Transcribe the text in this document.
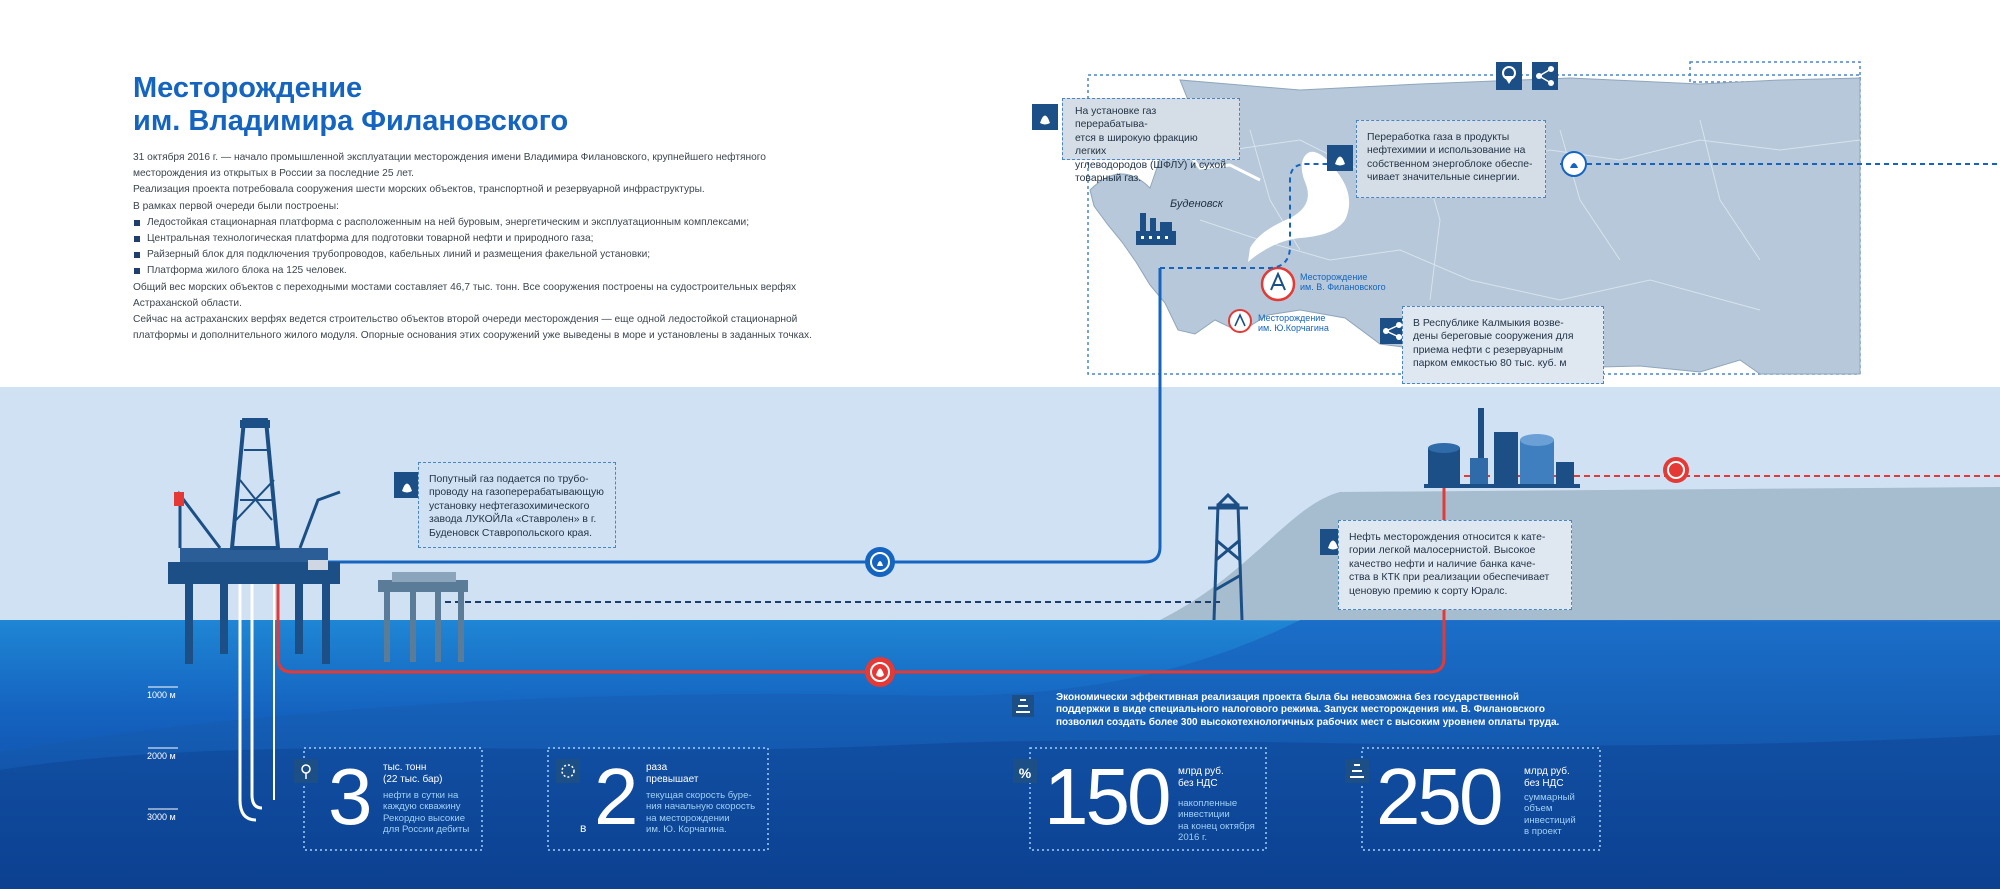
%
Месторождение
им. Владимира Филановского

31 октября 2016 г. — начало промышленной эксплуатации месторождения имени Владимира Филановского, крупнейшего нефтяного месторождения из открытых в России за последние 25 лет.

Реализация проекта потребовала сооружения шести морских объектов, транспортной и резервуарной инфраструктуры.

В рамках первой очереди были построены:

Ледостойкая стационарная платформа с расположенным на ней буровым, энергетическим и эксплуатационным комплексами;
Центральная технологическая платформа для подготовки товарной нефти и природного газа;
Райзерный блок для подключения трубопроводов, кабельных линий и размещения факельной установки;
Платформа жилого блока на 125 человек.

Общий вес морских объектов с переходными мостами составляет 46,7 тыс. тонн. Все сооружения построены на судостроительных верфях Астраханской области.

Сейчас на астраханских верфях ведется строительство объектов второй очереди месторождения — еще одной ледостойкой стационарной платформы и дополнительного жилого модуля. Опорные основания этих сооружений уже выведены в море и установлены в заданных точках.

Буденовск
Месторождение
им. В. Филановского
Месторождение
им. Ю.Корчагина
На установке газ перерабатыва-
ется в широкую фракцию легких
углеводородов (ШФЛУ) и сухой
товарный газ.
Переработка газа в продукты
нефтехимии и использование на
собственном энергоблоке обеспе-
чивает значительные синергии.
В Республике Калмыкия возве-
дены береговые сооружения для
приема нефти с резервуарным
парком емкостью 80 тыс. куб. м
Попутный газ подается по трубо-
проводу на газоперерабатывающую
установку нефтегазохимического
завода ЛУКОЙЛа «Ставролен» в г.
Буденовск Ставропольского края.	Нефть месторождения относится к кате-
гории легкой малосернистой. Высокое
качество нефти и наличие банка каче-
ства в КТК при реализации обеспечивает
ценовую премию к сорту Юралс.
1000 м
2000 м
3000 м
Экономически эффективная реализация проекта была бы невозможна без государственной поддержки в виде специального налогового режима. Запуск месторождения им. В. Филановского позволил создать более 300 высокотехнологичных рабочих мест с высоким уровнем оплаты труда.
3 тыс. тонн
(22 тыс. бар)
нефти в сутки на
каждую скважину
Рекордно высокие
для России дебиты	в 2 раза
превышает
текущая скорость буре-
ния начальную скорость
на месторождении
им. Ю. Корчагина.	150 млрд руб.
без НДС
накопленные
инвестиции
на конец октября
2016 г.	250 млрд руб.
без НДС
суммарный
объем
инвестиций
в проект
